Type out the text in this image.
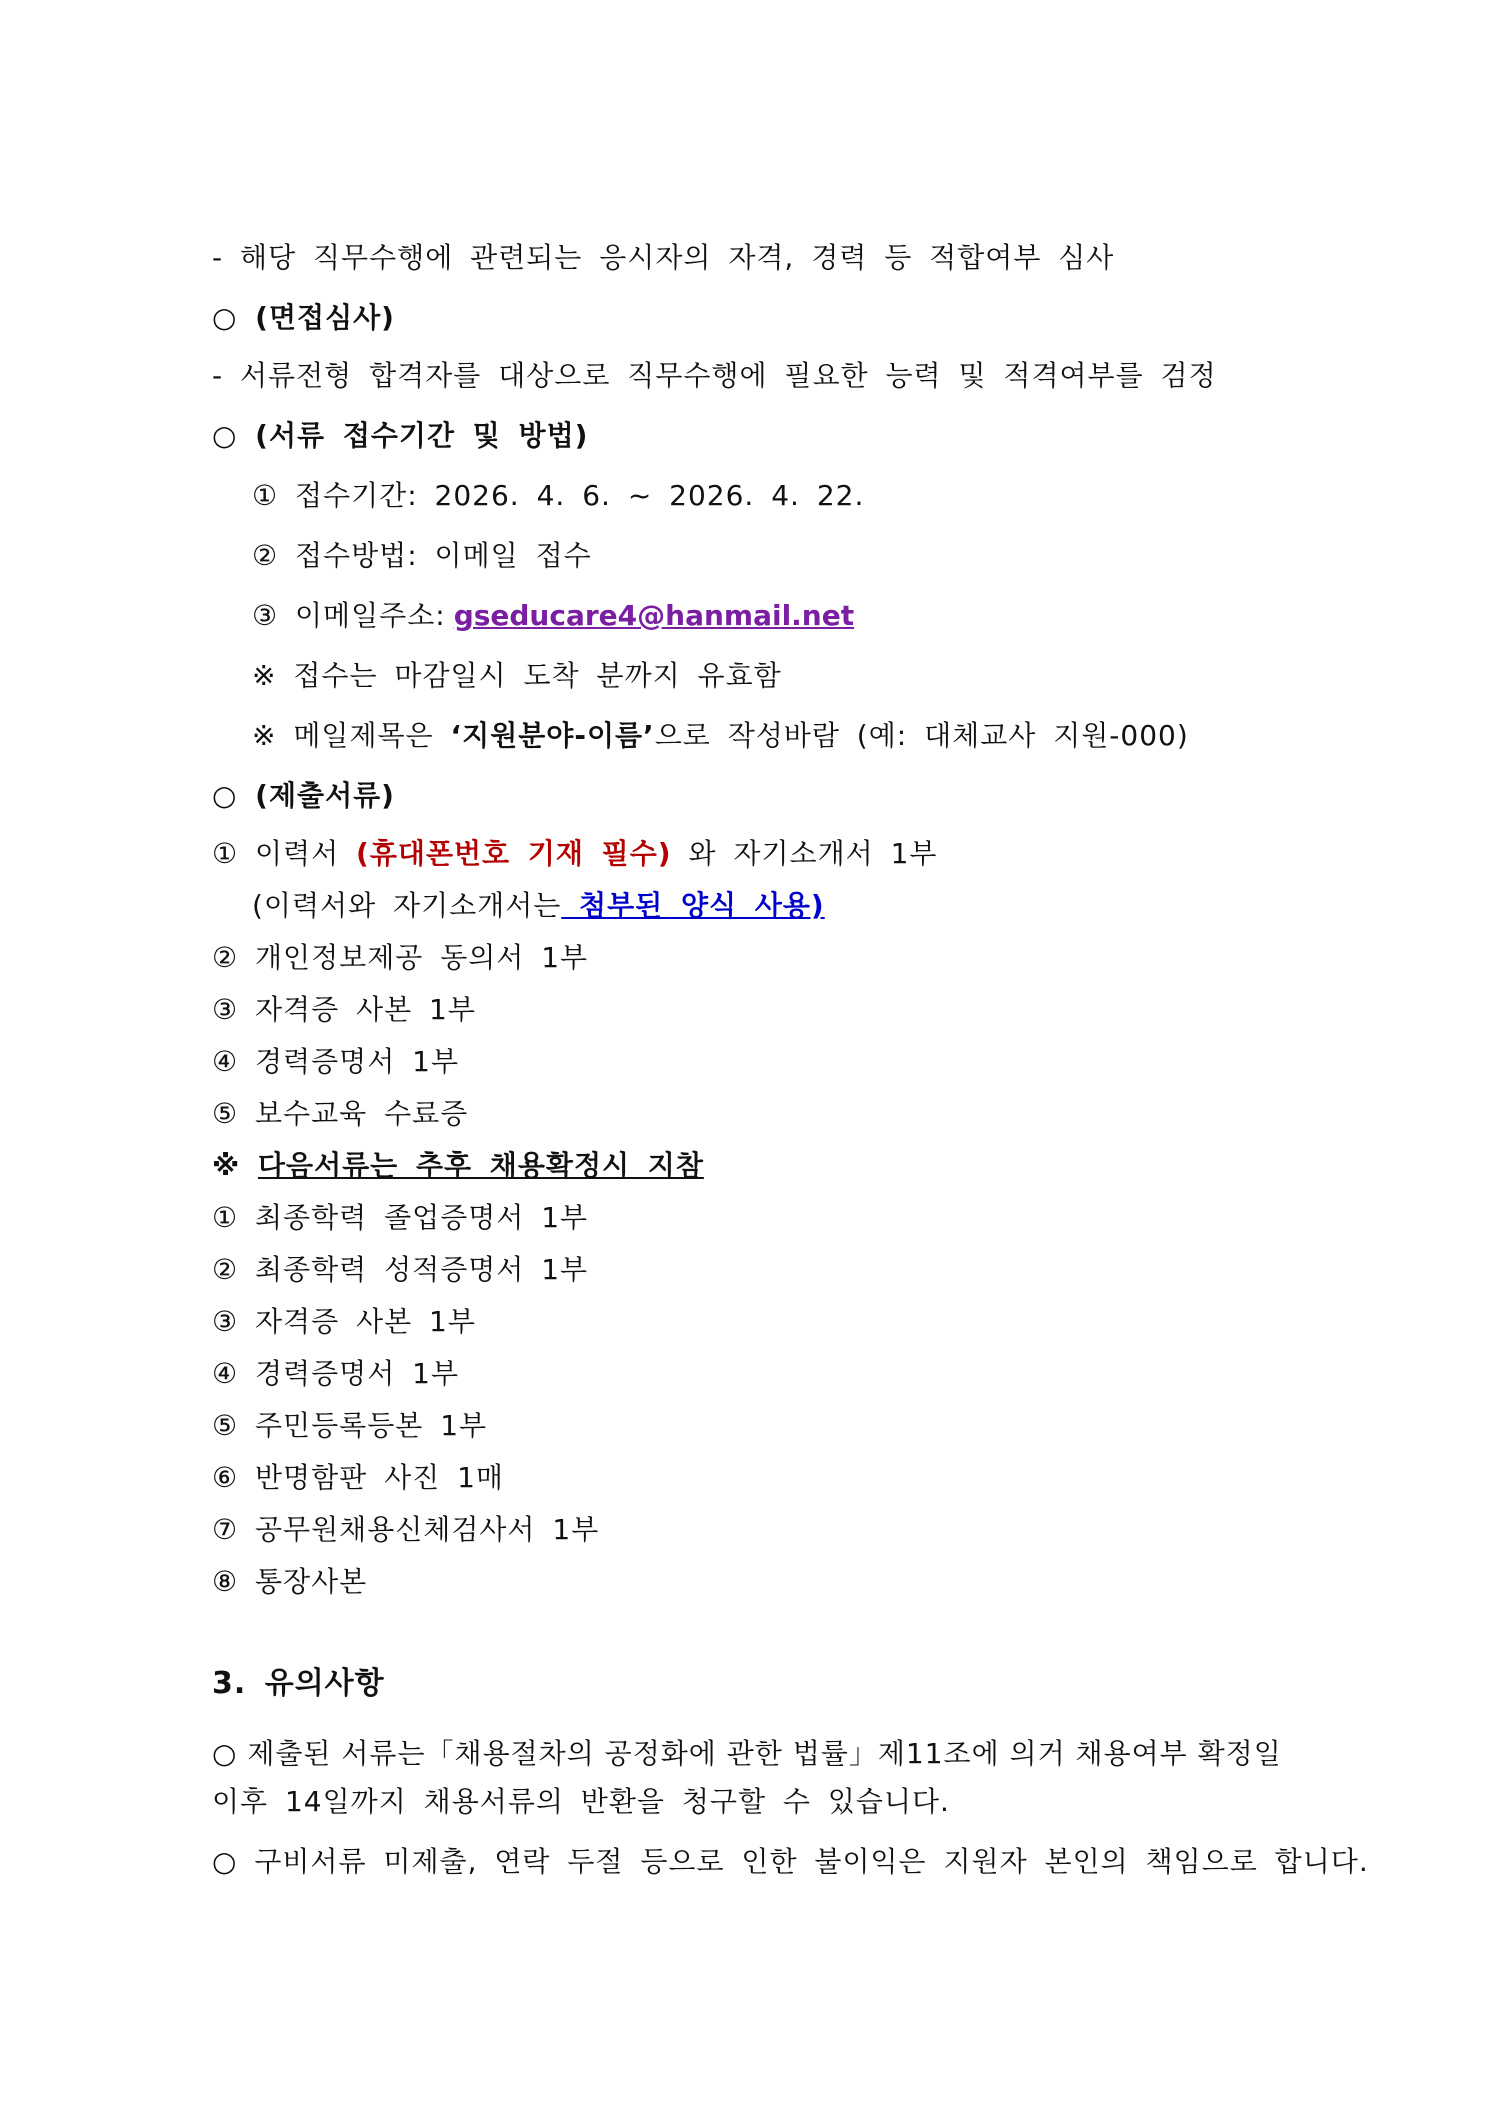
- 해당 직무수행에 관련되는 응시자의 자격, 경력 등 적합여부 심사
○ (면접심사)
- 서류전형 합격자를 대상으로 직무수행에 필요한 능력 및 적격여부를 검정
○ (서류 접수기간 및 방법)
① 접수기간: 2026. 4. 6. ~ 2026. 4. 22.
② 접수방법: 이메일 접수
③ 이메일주소: gseducare4@hanmail.net
※ 접수는 마감일시 도착 분까지 유효함
※ 메일제목은 ‘지원분야-이름’으로 작성바람 (예: 대체교사 지원-000)
○ (제출서류)
① 이력서 (휴대폰번호 기재 필수) 와 자기소개서 1부
(이력서와 자기소개서는 첨부된 양식 사용)
② 개인정보제공 동의서 1부
③ 자격증 사본 1부
④ 경력증명서 1부
⑤ 보수교육 수료증
※ 다음서류는 추후 채용확정시 지참
① 최종학력 졸업증명서 1부
② 최종학력 성적증명서 1부
③ 자격증 사본 1부
④ 경력증명서 1부
⑤ 주민등록등본 1부
⑥ 반명함판 사진 1매
⑦ 공무원채용신체검사서 1부
⑧ 통장사본
3. 유의사항
○ 제출된 서류는「채용절차의 공정화에 관한 법률」제11조에 의거 채용여부 확정일
이후 14일까지 채용서류의 반환을 청구할 수 있습니다.
○ 구비서류 미제출, 연락 두절 등으로 인한 불이익은 지원자 본인의 책임으로 합니다.
